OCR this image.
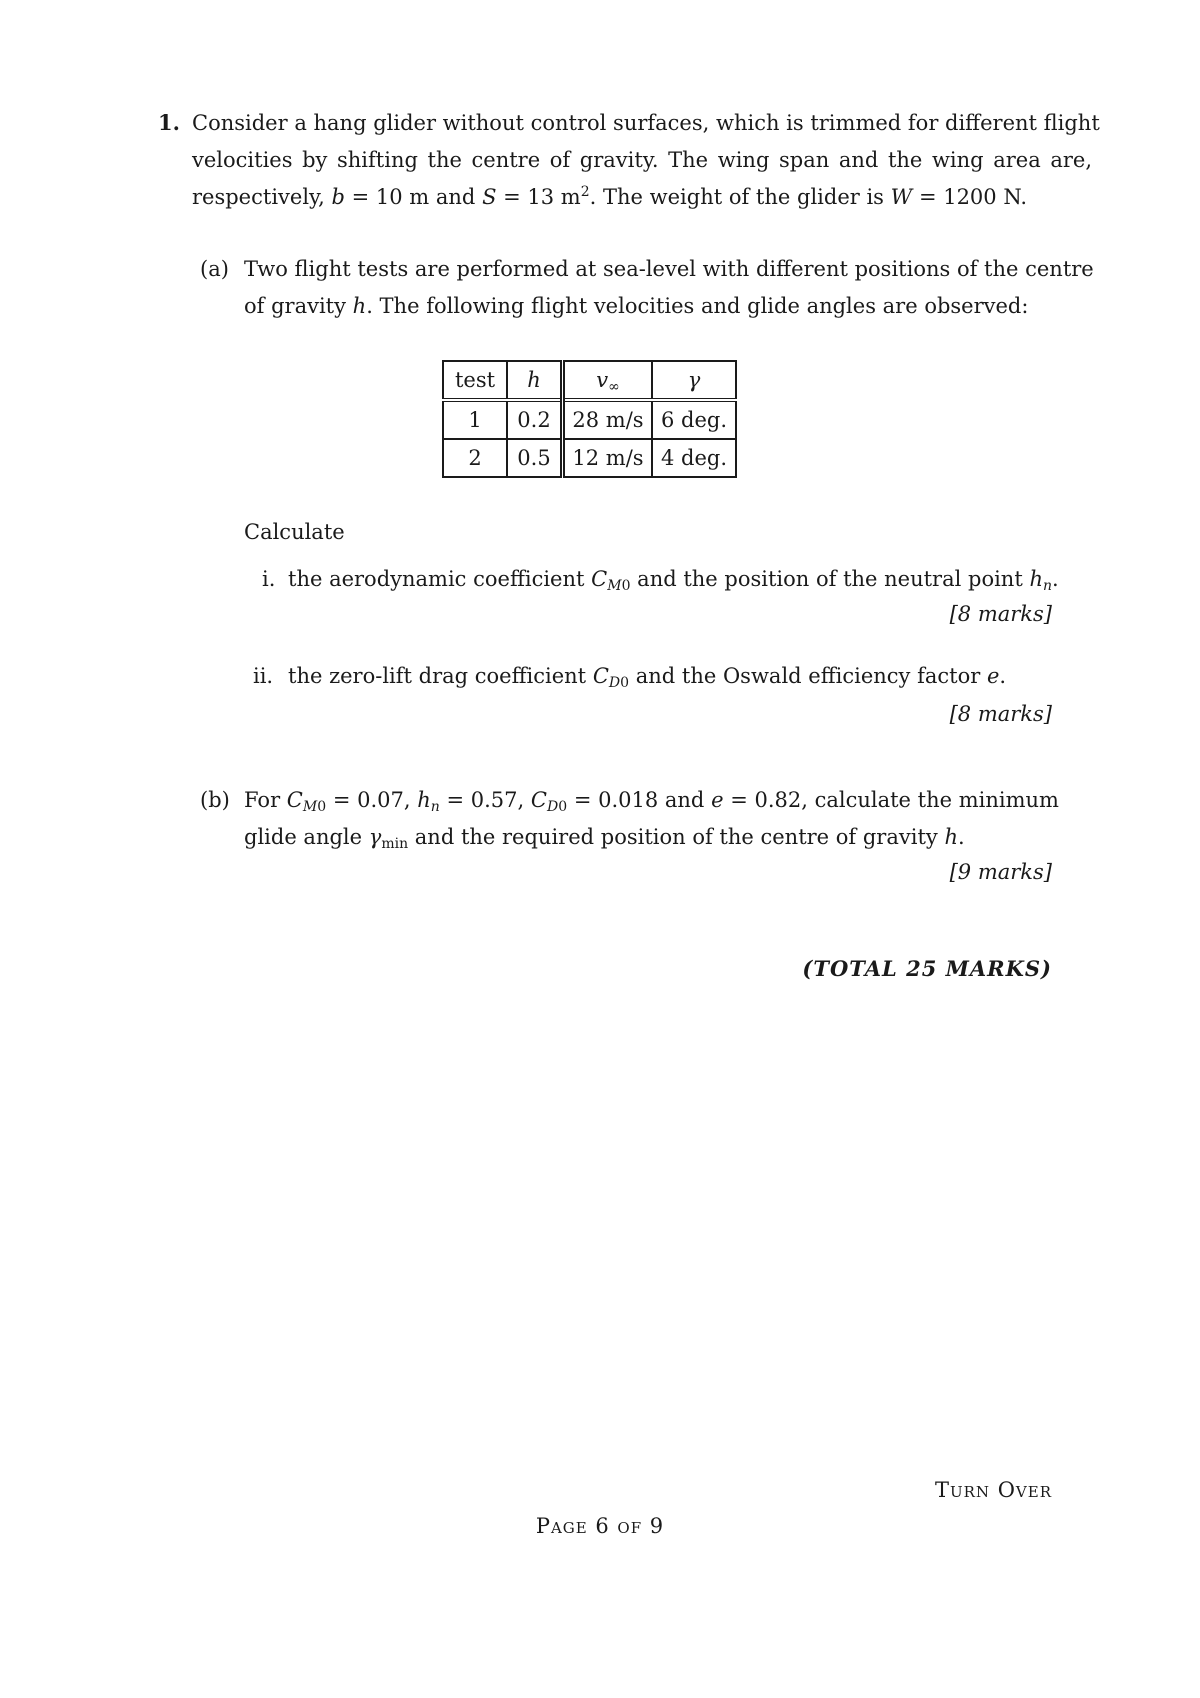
1. Consider a hang glider without control surfaces, which is trimmed for different flight
velocities by shifting the centre of gravity. The wing span and the wing area are,
respectively, b = 10 m and S = 13 $m^2$. The weight of the glider is W = 1200 N.
(a) Two flight tests are performed at sea-level with different positions of the centre
of gravity h. The following flight velocities and glide angles are observed:
test	h	$v_\infty$	γ
1	0.2	28 m/s	6 deg.
2	0.5	12 m/s	4 deg.
Calculate
i. the aerodynamic coefficient $C_{M0}$ and the position of the neutral point $h_n$.
[8 marks]
ii. the zero-lift drag coefficient $C_{D0}$ and the Oswald efficiency factor e.
[8 marks]
(b) For $C_{M0} = 0.07$, $h_n = 0.57$, $C_{D0} = 0.018$ and e = 0.82, calculate the minimum
glide angle $\gamma_{min}$ and the required position of the centre of gravity h.
[9 marks]
(TOTAL 25 MARKS)
Turn Over
Page 6 of 9
